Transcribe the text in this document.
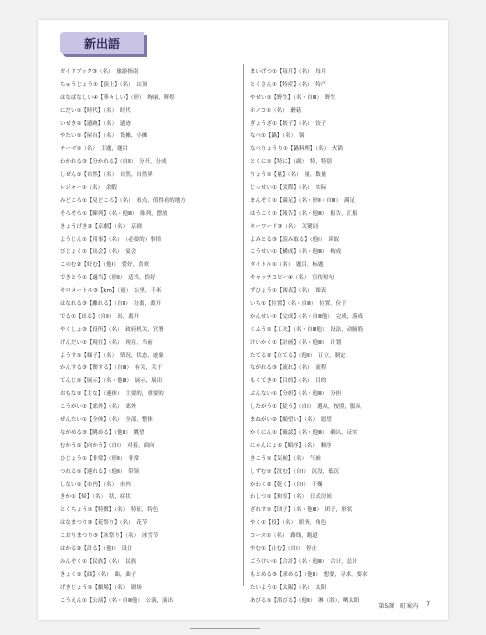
新出語
ガイドブック③（名）　旅游指南
ちゅうじょう①【頂上】（名）　山顶
はなばなしい④【華々しい】（形）　绚丽，辉煌
にだい①【時代】（名）　时代
いせき①【遺跡】（名）　遗迹
やたい①【屋台】（名）　货摊，小摊
テーマ①（名）　主题，题目
わかれる③【分かれる】（自Ⅱ）　分开，分成
しぜん①【自然】（名）　自然，自然界
レジャー①（名）　余暇
みどころ①【見どころ】（名）　看点，值得看的地方
そろぞろ①【陳列】（名・他Ⅲ）　陈列，摆放
きょうげき②【京劇】（名）　京剧
ようじん①【用事】（名）　（必要的）事情
びじょく①【出会】（名）　宴会
このむ②【好む】（他Ⅰ）　爱好，喜欢
できとう①【適当】（形Ⅱ）　适当，恰好
キロメートル③【km】（量）　公里，千米
はなれる③【離れる】（自Ⅱ）　分离，离开
でる①【出る】（自Ⅱ）　出，离开
やくしょ③【役所】（名）　政府机关，官署
げんだい①【現在】（名）　现在，当前
ようす①【様子】（名）　情况，状态，迹象
かんする③【関する】（自Ⅲ）　有关，关于
てんじ①【展示】（名・他Ⅲ）　展示，展出
おもな①【主な】（連体）　主要的，重要的
こうがい①【郊外】（名）　郊外
ぜんたい①【全体】（名）　全部，整体
ながめる③【眺める】（他Ⅱ）　眺望
むかう①【向かう】（自Ⅰ）　对着，面向
ひじょう①【非常】（形Ⅱ）　非常
つれる①【連れる】（他Ⅱ）　带领
しない①【市内】（名）　市内
きか①【帰】（名）　状，症状
とくちょう①【特徴】（名）　特征，特色
はなまつり③【花祭り】（名）　花节
こおりまつり③【氷祭り】（名）　冰雪节
はかる②【計る】（他Ⅰ）　设计
みんぞく①【民族】（名）　民族
きょく①【曲】（名）　曲，曲子
げきじょう①【劇場】（名）　剧场
こうえん①【公演】（名・自Ⅲ他）　公演，演出
まいげつ①【毎月】（名）　每月
とくさん①【特産】（名）　特产
やせい①【野生】（名・自Ⅲ）　野生
ホノコ①（名）　蘑菇
ぎょうざ①【餃子】（名）　饺子
なべ①【鍋】（名）　锅
なべりょうり①【鍋料理】（名）　火锅
とくに①【特に】（副）　特，特别
りょう①【量】（名）　量，数量
じっせい①【実際】（名）　实际
まんぞく①【満足】（名・形Ⅱ・自Ⅲ）　满足
ほうこく①【報告】（名・他Ⅲ）　报告，汇报
キーワード③（名）　关键词
よみとる③【読み取る】（他Ⅰ）　读取
こうせい①【構成】（名・他Ⅲ）　构成
タイトル①（名）　题目，标题
キャッチコピー④（名）　宣传短句
ずひょう①【図表】（名）　图表
いち①【位置】（名・自Ⅲ）　位置，位于
かんせい①【完成】（名・自Ⅲ他）　完成，落成
くふう①【工夫】（名・自Ⅲ他）　设法，动脑筋
けいかく①【計画】（名・他Ⅲ）　计划
たてる②【立てる】（他Ⅱ）　订立，制定
ながれる③【流れ】（名）　流程
もくてき①【目的】（名）　目的
ぶんない①【分担】（名・他Ⅲ）　分担
したがう①【従う】（自Ⅰ）　遵从，按照，服从
まねがい②【願望い】（名）　愿望
かくにん①【確認】（名・他Ⅲ）　确认，证实
にゃんにょ①【順序】（名）　顺序
きこう①【気候】（名）　气候
しずむ①【沈む】（自Ⅰ）　沉没，低沉
かわく②【乾く】（自Ⅰ）　干燥
わしつ①【和室】（名）　日式房间
ざれす①【団子】（名・他Ⅲ）　团子，形状
やく①【役】（名）　职务，角色
コース①（名）　路线，跑道
やむ①【止む】（自Ⅰ）　停止
ごうけい①【合計】（名・他Ⅲ）　合计，总计
もとめる③【求める】（他Ⅱ）　想要，寻求，要求
たいよう①【太陽】（名）　太阳
あびる①【浴びる】（他Ⅱ）　淋（浴），晒太阳
第5課　町案内 7
